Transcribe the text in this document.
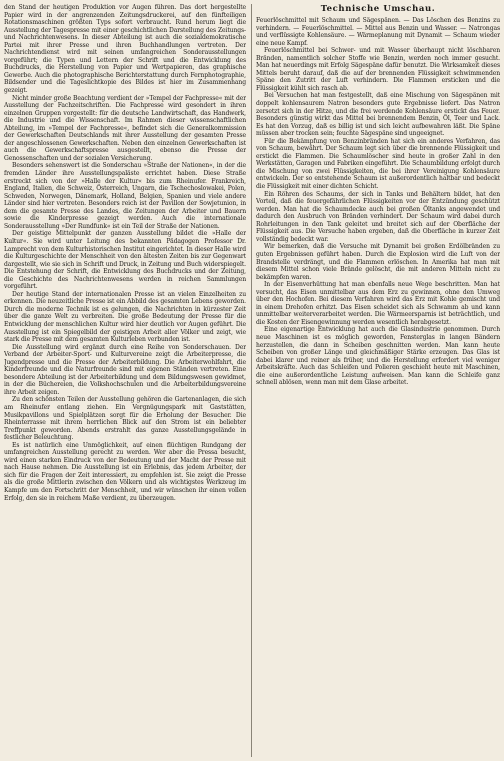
den Stand der heutigen Produktion vor Augen führen. Das dort hergestellte Papier wird in der angrenzenden Zeitungsdruckerei, auf den fünfteiligen Rotationsmaschinen größten Typs sofort verbraucht. Rund herum liegt die Ausstellung der Tagespresse mit einer geschichtlichen Darstellung des Zeitungs- und Nachrichtenwesens. In dieser Abteilung ist auch die sozialdemokratische Partei mit ihrer Presse und ihren Buchhandlungen vertreten. Der Nachrichtendienst wird mit seinen umfangreichen Sonderausstellungen vorgeführt; die Typen und Lettern der Schrift und die Entwicklung des Buchdrucks, die Herstellung von Papier und Wertpapieren, das graphische Gewerbe. Auch die photographische Berichterstattung durch Fernphotographie, Bildsender und die Tageslichtkopie des Bildes ist hier im Zusammenhang gezeigt.

Nicht minder große Beachtung verdient der »Tempel der Fachpresse« mit der Ausstellung der Fachzeitschriften. Die Fachpresse wird gesondert in ihren einzelnen Gruppen vorgestellt: für die deutsche Landwirtschaft, das Handwerk, die Industrie und die Wissenschaft. Im Rahmen dieser wissenschaftlichen Abteilung, im »Tempel der Fachpresse«, befindet sich die Generalkommission der Gewerkschaften Deutschlands mit ihrer Ausstellung der gesamten Presse der angeschlossenen Gewerkschaften. Neben den einzelnen Gewerkschaften ist auch die Gewerkschaftspresse ausgestellt, ebenso die Presse der Genossenschaften und der sozialen Versicherung.

Besonders sehenswert ist die Sonderschau »Straße der Nationen«, in der die fremden Länder ihre Ausstellungspaläste errichtet haben. Diese Straße erstreckt sich von der »Halle der Kultur« bis zum Rheinufer. Frankreich, England, Italien, die Schweiz, Österreich, Ungarn, die Tschechoslowakei, Polen, Schweden, Norwegen, Dänemark, Holland, Belgien, Spanien und viele andere Länder sind hier vertreten. Besonders reich ist der Pavillon der Sowjetunion, in dem die gesamte Presse des Landes, die Zeitungen der Arbeiter und Bauern sowie die Kinderpresse gezeigt werden. Auch die internationale Sonderausstellung »Der Rundfunk« ist ein Teil der Straße der Nationen.

Der geistige Mittelpunkt der ganzen Ausstellung bildet die »Halle der Kultur«. Sie wird unter Leitung des bekannten Pädagogen Professor Dr. Lamprecht von dem Kulturhistorischen Institut eingerichtet. In dieser Halle wird die Kulturgeschichte der Menschheit von den ältesten Zeiten bis zur Gegenwart dargestellt, wie sie sich in Schrift und Druck, in Zeitung und Buch widerspiegelt. Die Entstehung der Schrift, die Entwicklung des Buchdrucks und der Zeitung, die Geschichte des Nachrichtenwesens werden in reichen Sammlungen vorgeführt.

Der heutige Stand der internationalen Presse ist an vielen Einzelheiten zu erkennen. Die neuzeitliche Presse ist ein Abbild des gesamten Lebens geworden. Durch die moderne Technik ist es gelungen, die Nachrichten in kürzester Zeit über die ganze Welt zu verbreiten. Die große Bedeutung der Presse für die Entwicklung der menschlichen Kultur wird hier deutlich vor Augen geführt. Die Ausstellung ist ein Spiegelbild der geistigen Arbeit aller Völker und zeigt, wie stark die Presse mit dem gesamten Kulturleben verbunden ist.

Die Ausstellung wird ergänzt durch eine Reihe von Sonderschauen. Der Verband der Arbeiter-Sport- und Kulturvereine zeigt die Arbeiterpresse, die Jugendpresse und die Presse der Arbeiterbildung. Die Arbeiterwohlfahrt, die Kinderfreunde und die Naturfreunde sind mit eigenen Ständen vertreten. Eine besondere Abteilung ist der Arbeiterbildung und dem Bildungswesen gewidmet, in der die Büchereien, die Volkshochschulen und die Arbeiterbildungsvereine ihre Arbeit zeigen.

Zu den schönsten Teilen der Ausstellung gehören die Gartenanlagen, die sich am Rheinufer entlang ziehen. Ein Vergnügungspark mit Gaststätten, Musikpavillons und Spielplätzen sorgt für die Erholung der Besucher. Die Rheinterrasse mit ihrem herrlichen Blick auf den Strom ist ein beliebter Treffpunkt geworden. Abends erstrahlt das ganze Ausstellungsgelände in festlicher Beleuchtung.

Es ist natürlich eine Unmöglichkeit, auf einen flüchtigen Rundgang der umfangreichen Ausstellung gerecht zu werden. Wer aber die Pressa besucht, wird einen starken Eindruck von der Bedeutung und der Macht der Presse mit nach Hause nehmen. Die Ausstellung ist ein Erlebnis, das jedem Arbeiter, der sich für die Fragen der Zeit interessiert, zu empfehlen ist. Sie zeigt die Presse als die große Mittlerin zwischen den Völkern und als wichtigstes Werkzeug im Kampfe um den Fortschritt der Menschheit, und wir wünschen ihr einen vollen Erfolg, den sie in reichem Maße verdient, zu überzeugen.

Technische Umschau.

Feuerlöschmittel mit Schaum und Sägespänen. — Das Löschen des Benzins zu verhindern. — Feuerlöschmittel. — Mittel aus Benzin und Wasser. — Natrongas und verflüssigte Kohlensäure. — Wärmeplanung mit Dynamit — Schaum wieder eine neue Kampf.

Feuerlöschmittel bei Schwer- und mit Wasser überhaupt nicht löschbaren Bränden, namentlich solcher Stoffe wie Benzin, werden noch immer gesucht. Man hat neuerdings mit Erfolg Sägespäne dafür benutzt. Die Wirksamkeit dieses Mittels beruht darauf, daß die auf der brennenden Flüssigkeit schwimmenden Späne den Zutritt der Luft verhindern. Die Flammen ersticken und die Flüssigkeit kühlt sich rasch ab.

Bei Versuchen hat man festgestellt, daß eine Mischung von Sägespänen mit doppelt kohlensaurem Natron besonders gute Ergebnisse liefert. Das Natron zersetzt sich in der Hitze, und die frei werdende Kohlensäure erstickt das Feuer. Besonders günstig wirkt das Mittel bei brennendem Benzin, Öl, Teer und Lack. Es hat den Vorzug, daß es billig ist und sich leicht aufbewahren läßt. Die Späne müssen aber trocken sein; feuchte Sägespäne sind ungeeignet.

Für die Bekämpfung von Benzinbränden hat sich ein anderes Verfahren, das von Schaum, bewährt. Der Schaum legt sich über die brennende Flüssigkeit und erstickt die Flammen. Die Schaumlöscher sind heute in großer Zahl in den Werkstätten, Garagen und Fabriken eingeführt. Die Schaumbildung erfolgt durch die Mischung von zwei Flüssigkeiten, die bei ihrer Vereinigung Kohlensäure entwickeln. Der so entstehende Schaum ist außerordentlich haltbar und bedeckt die Flüssigkeit mit einer dichten Schicht.

Ein Röhren des Schaums, der sich in Tanks und Behältern bildet, hat den Vorteil, daß die feuergefährlichen Flüssigkeiten vor der Entzündung geschützt werden. Man hat die Schaumdecke auch bei großen Öltanks angewendet und dadurch den Ausbruch von Bränden verhindert. Der Schaum wird dabei durch Rohrleitungen in den Tank geleitet und breitet sich auf der Oberfläche der Flüssigkeit aus. Die Versuche haben ergeben, daß die Oberfläche in kurzer Zeit vollständig bedeckt war.

Wir bemerken, daß die Versuche mit Dynamit bei großen Erdölbränden zu guten Ergebnissen geführt haben. Durch die Explosion wird die Luft von der Brandstelle verdrängt, und die Flammen erlöschen. In Amerika hat man mit diesem Mittel schon viele Brände gelöscht, die mit anderen Mitteln nicht zu bekämpfen waren.

In der Eisenverhüttung hat man ebenfalls neue Wege beschritten. Man hat versucht, das Eisen unmittelbar aus dem Erz zu gewinnen, ohne den Umweg über den Hochofen. Bei diesem Verfahren wird das Erz mit Kohle gemischt und in einem Drehofen erhitzt. Das Eisen scheidet sich als Schwamm ab und kann unmittelbar weiterverarbeitet werden. Die Wärmeersparnis ist beträchtlich, und die Kosten der Eisengewinnung werden wesentlich herabgesetzt.

Eine eigenartige Entwicklung hat auch die Glasindustrie genommen. Durch neue Maschinen ist es möglich geworden, Fensterglas in langen Bändern herzustellen, die dann in Scheiben geschnitten werden. Man kann heute Scheiben von großer Länge und gleichmäßiger Stärke erzeugen. Das Glas ist dabei klarer und reiner als früher, und die Herstellung erfordert viel weniger Arbeitskräfte. Auch das Schleifen und Polieren geschieht heute mit Maschinen, die eine außerordentliche Leistung aufweisen. Man kann die Schleife ganz schnell ablösen, wenn man mit dem Glase arbeitet.
